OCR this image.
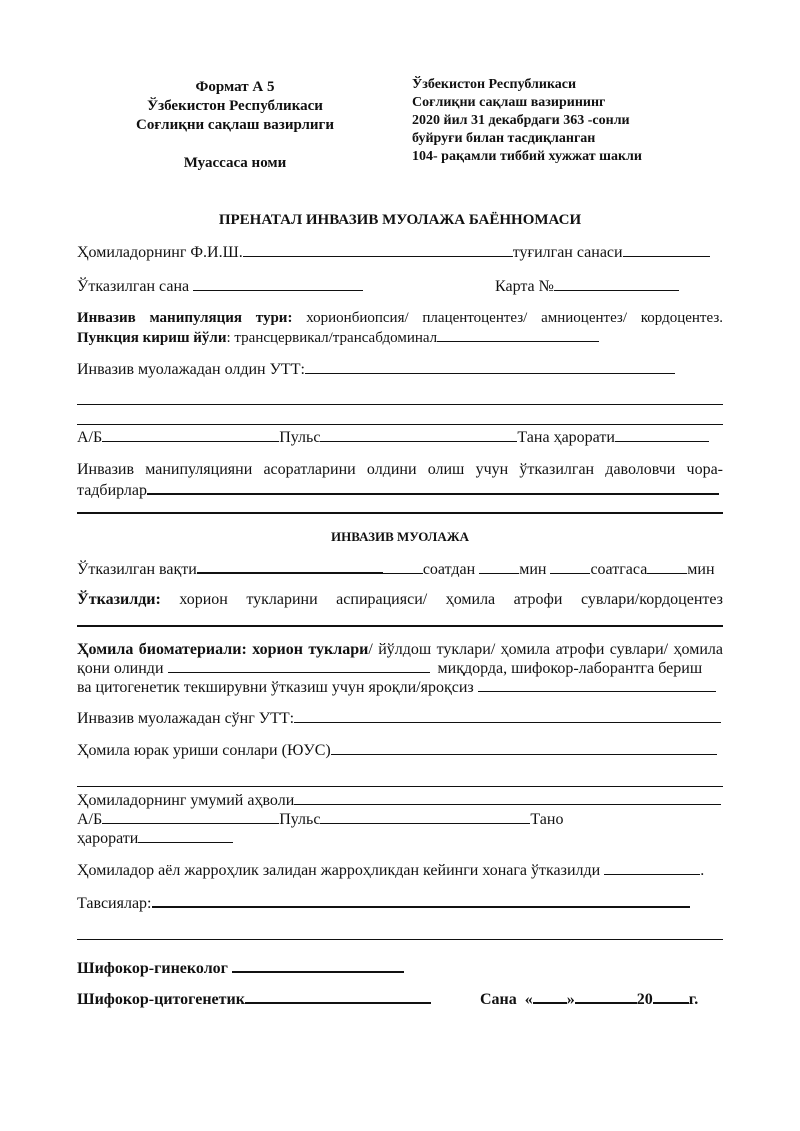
Формат А 5
Ўзбекистон Республикаси
Соғлиқни сақлаш вазирлиги
Муассаса номи
Ўзбекистон Республикаси
Соғлиқни сақлаш вазирининг
2020 йил 31 декабрдаги 363 -сонли
буйруғи билан тасдиқланган
104- рақамли тиббий хужжат шакли
ПРЕНАТАЛ ИНВАЗИВ МУОЛАЖА БАЁННОМАСИ
Ҳомиладорнинг Ф.И.Ш.	туғилган санаси
Ўтказилган сана	Карта №
Инвазив манипуляция тури: хорионбиопсия/ плацентоцентез/ амниоцентез/ кордоцентез.
Пункция кириш йўли: трансцервикал/трансабдоминал
Инвазив муолажадан олдин УТТ:
А/Б	Пульс	Тана ҳарорати
Инвазив манипуляцияни асоратларини олдини олиш учун ўтказилган даволовчи чора-
тадбирлар
ИНВАЗИВ МУОЛАЖА
Ўтказилган вақти	соатдан	мин	соатгаса	мин
Ўтказилди: хорион тукларини аспирацияси/ ҳомила атрофи сувлари/кордоцентез
Ҳомила биоматериали: хорион туклари/ йўлдош туклари/ ҳомила атрофи сувлари/ ҳомила
қони олинди	миқдорда, шифокор-лаборантга бериш
ва цитогенетик текширувни ўтказиш учун яроқли/яроқсиз
Инвазив муолажадан сўнг УТТ:
Ҳомила юрак уриши сонлари (ЮУС)
Ҳомиладорнинг умумий аҳволи
А/Б	Пульс	Тано
ҳарорати
Ҳомиладор аёл жарроҳлик залидан жарроҳликдан кейинги хонага ўтказилди	.
Тавсиялар:
Шифокор-гинеколог
Шифокор-цитогенетик	Сана « »	20 г.
